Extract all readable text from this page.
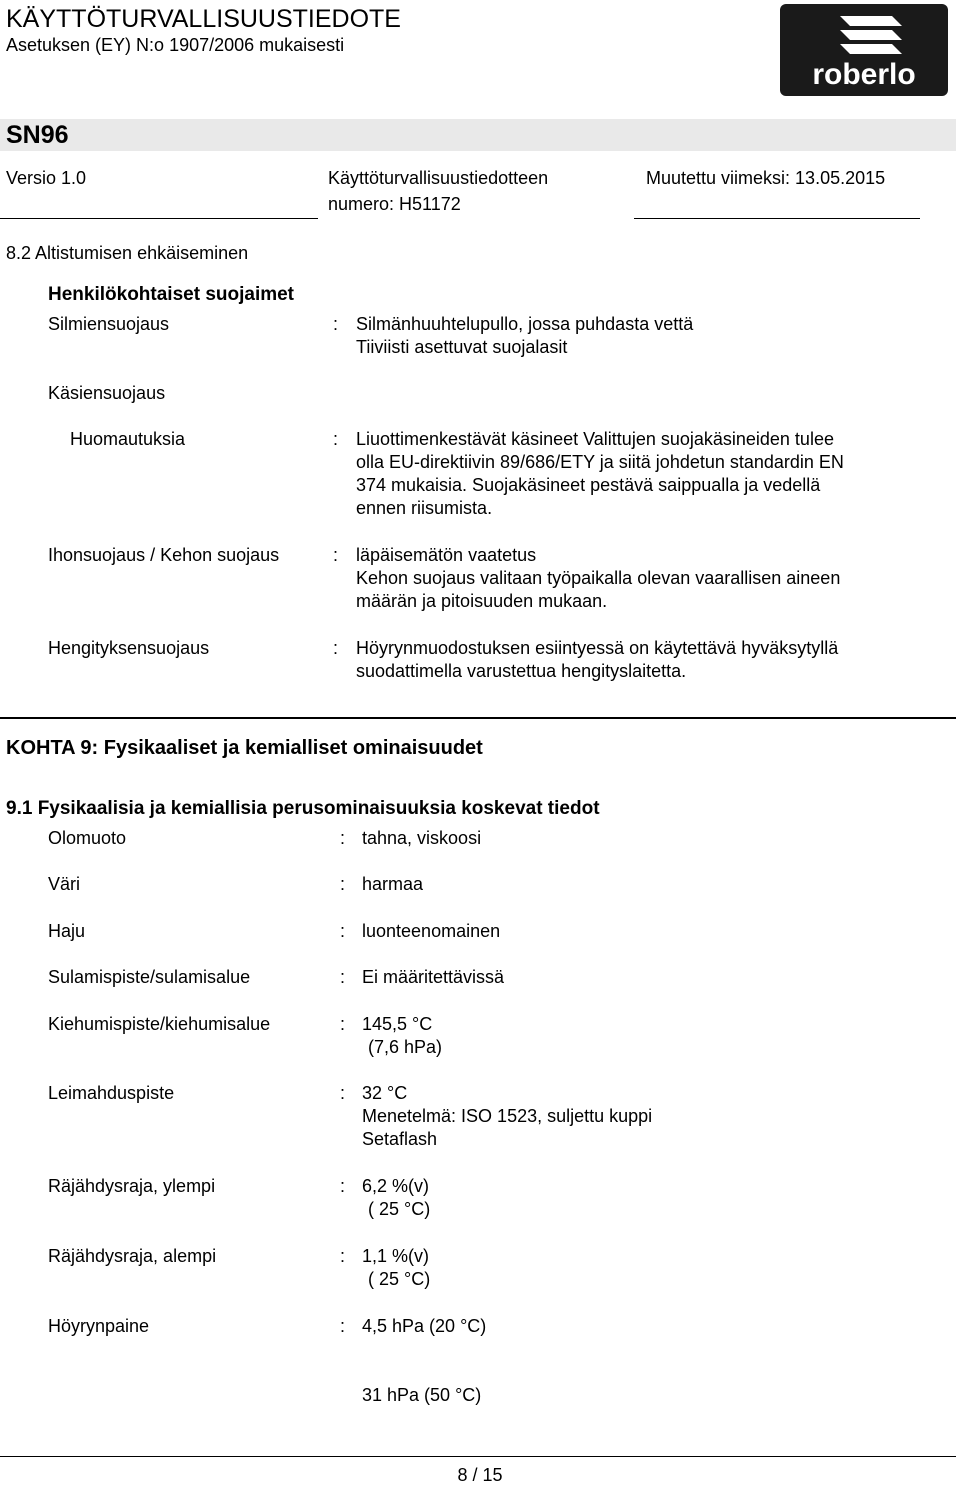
KÄYTTÖTURVALLISUUSTIEDOTE
Asetuksen (EY) N:o 1907/2006 mukaisesti
roberlo
SN96
Versio 1.0	Käyttöturvallisuustiedotteen
numero: H51172
Muutettu viimeksi: 13.05.2015
8.2 Altistumisen ehkäiseminen
Henkilökohtaiset suojaimet
Silmiensuojaus	: Silmänhuuhtelupullo, jossa puhdasta vettä
Tiiviisti asettuvat suojalasit
Käsiensuojaus
Huomautuksia	: Liuottimenkestävät käsineet Valittujen suojakäsineiden tulee
olla EU-direktiivin 89/686/ETY ja siitä johdetun standardin EN
374 mukaisia. Suojakäsineet pestävä saippualla ja vedellä
ennen riisumista.
Ihonsuojaus / Kehon suojaus	: läpäisemätön vaatetus
Kehon suojaus valitaan työpaikalla olevan vaarallisen aineen
määrän ja pitoisuuden mukaan.
Hengityksensuojaus	: Höyrynmuodostuksen esiintyessä on käytettävä hyväksytyllä
suodattimella varustettua hengityslaitetta.
KOHTA 9: Fysikaaliset ja kemialliset ominaisuudet
9.1 Fysikaalisia ja kemiallisia perusominaisuuksia koskevat tiedot
Olomuoto	: tahna, viskoosi
Väri	: harmaa
Haju	: luonteenomainen
Sulamispiste/sulamisalue	: Ei määritettävissä
Kiehumispiste/kiehumisalue	: 145,5 °C
(7,6 hPa)
Leimahduspiste	: 32 °C
Menetelmä: ISO 1523, suljettu kuppi
Setaflash
Räjähdysraja, ylempi	: 6,2 %(v)
( 25 °C)
Räjähdysraja, alempi	: 1,1 %(v)
( 25 °C)
Höyrynpaine	: 4,5 hPa (20 °C)
31 hPa (50 °C)
8 / 15
